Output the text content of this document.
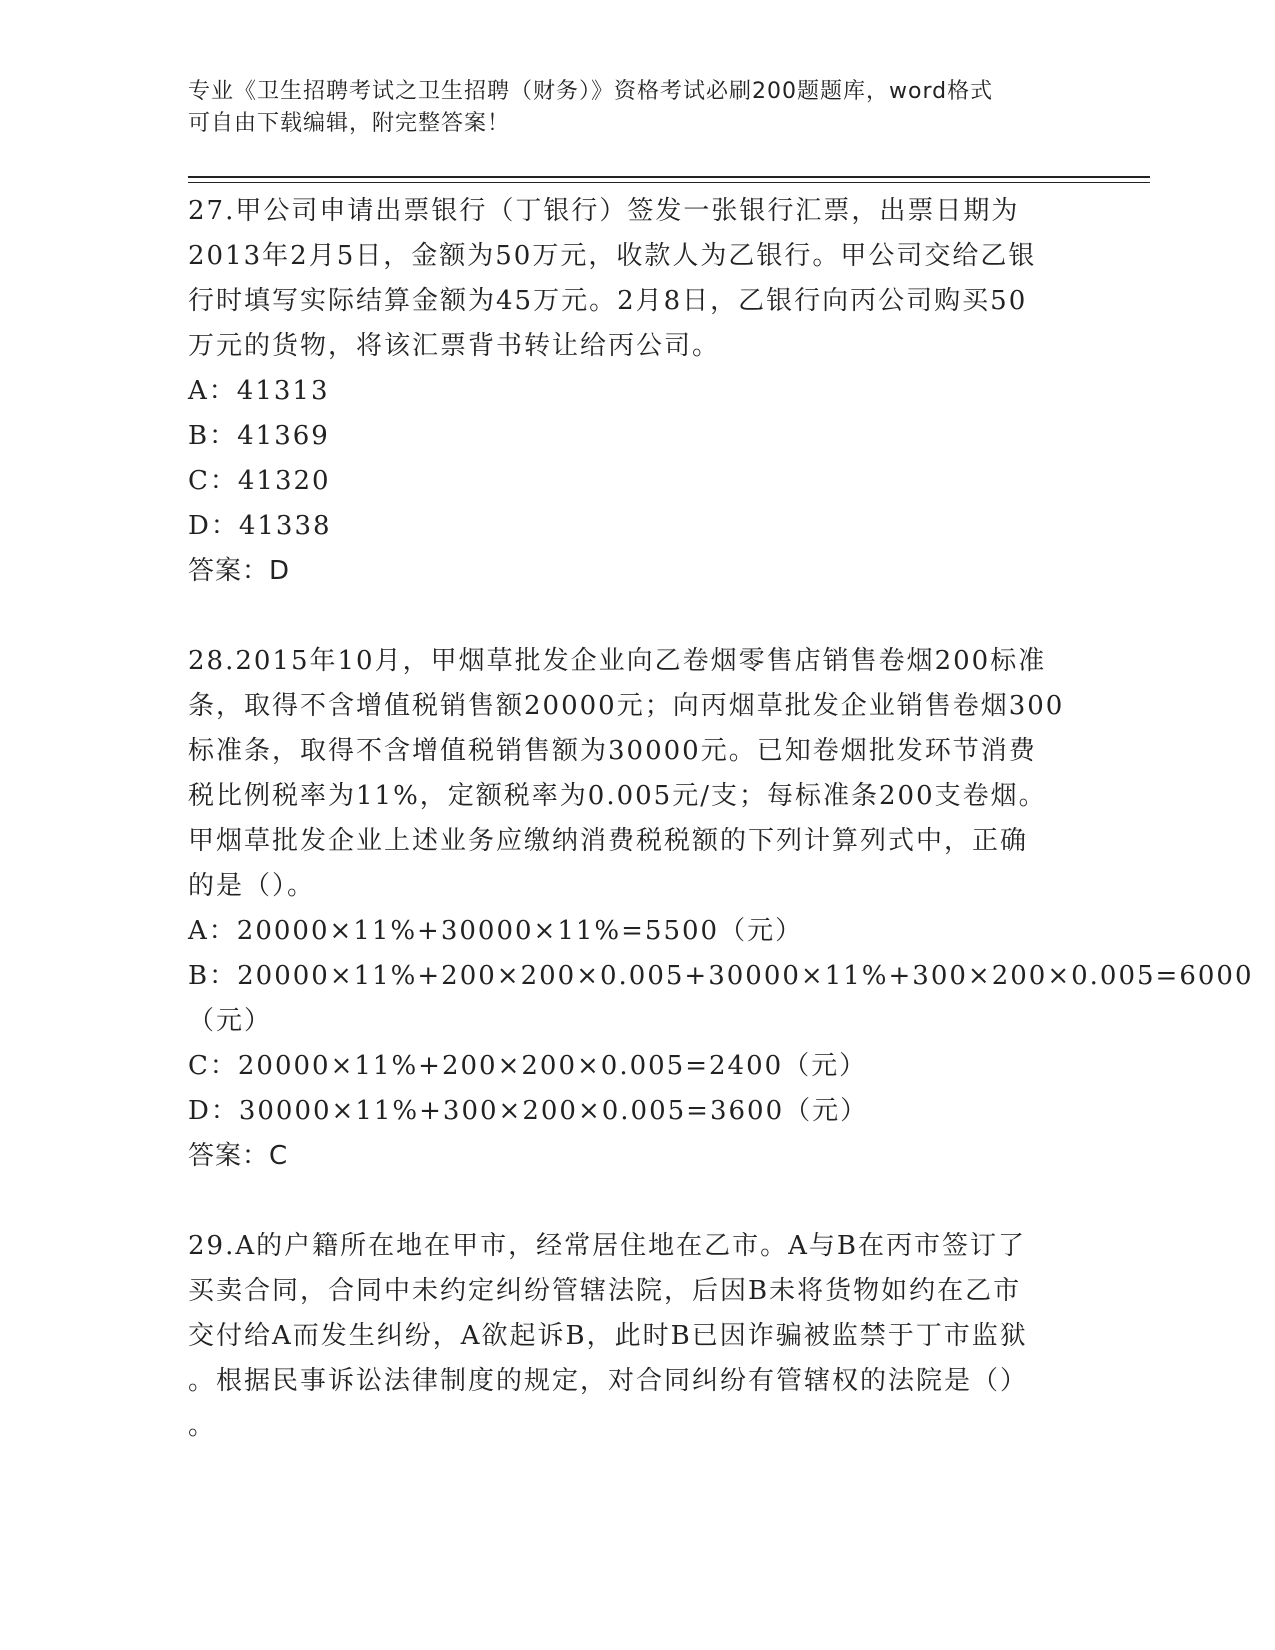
专业《卫生招聘考试之卫生招聘（财务）》资格考试必刷200题题库，word格式
可自由下载编辑，附完整答案！
27.甲公司申请出票银行（丁银行）签发一张银行汇票，出票日期为
2013年2月5日，金额为50万元，收款人为乙银行。甲公司交给乙银
行时填写实际结算金额为45万元。2月8日，乙银行向丙公司购买50
万元的货物，将该汇票背书转让给丙公司。
A：41313
B：41369
C：41320
D：41338
答案：D
28.2015年10月，甲烟草批发企业向乙卷烟零售店销售卷烟200标准
条，取得不含增值税销售额20000元；向丙烟草批发企业销售卷烟300
标准条，取得不含增值税销售额为30000元。已知卷烟批发环节消费
税比例税率为11%，定额税率为0.005元/支；每标准条200支卷烟。
甲烟草批发企业上述业务应缴纳消费税税额的下列计算列式中，正确
的是（）。
A：20000×11%+30000×11%=5500（元）
B：20000×11%+200×200×0.005+30000×11%+300×200×0.005=6000
（元）
C：20000×11%+200×200×0.005=2400（元）
D：30000×11%+300×200×0.005=3600（元）
答案：C
29.A的户籍所在地在甲市，经常居住地在乙市。A与B在丙市签订了
买卖合同，合同中未约定纠纷管辖法院，后因B未将货物如约在乙市
交付给A而发生纠纷，A欲起诉B，此时B已因诈骗被监禁于丁市监狱
。根据民事诉讼法律制度的规定，对合同纠纷有管辖权的法院是（）
。
